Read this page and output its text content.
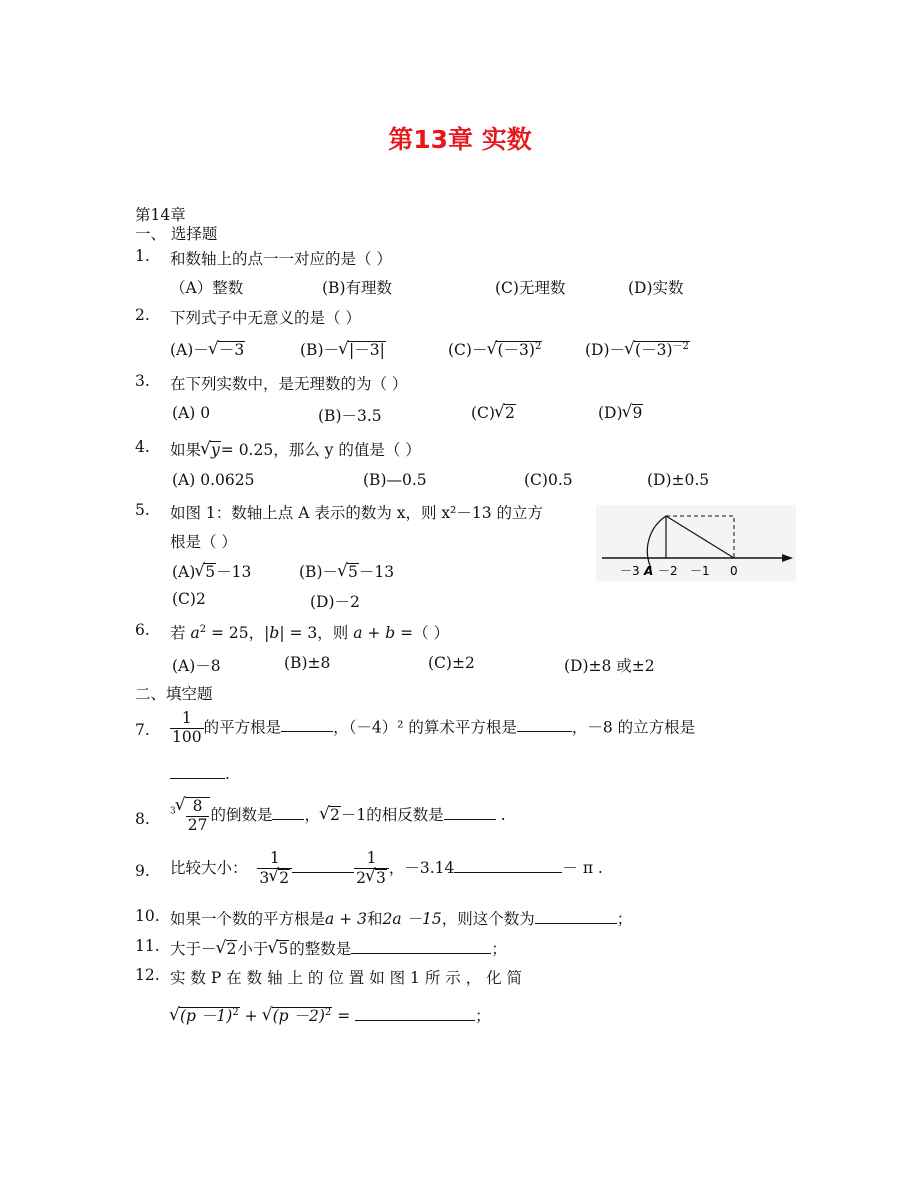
第13章 实数
第14章
一、 选择题
1. 和数轴上的点一一对应的是（ ）
（A）整数	(B)有理数	(C)无理数	(D)实数
2. 下列式子中无意义的是（ ）
(A)－ √ －3	(B)－ √ |－3|	(C)－ √ $(-3)^2$	(D)－ √ $(-3)^{-2}$
3. 在下列实数中，是无理数的为（ ）
(A) 0	(B)－3.5	(C) √ 2	(D) √ 9
4. 如果 √ y= 0.25，那么 y 的值是（ ）
(A) 0.0625	(B)—0.5	(C)0.5	(D)±0.5
5. 如图 1：数轴上点 A 表示的数为 x，则 x²－13 的立方
根是（ ）
(A) √ 5－13	(B)－ √ 5－13
(C)2	(D)－2
－3 A －2 －1 0
6. 若 $a^2 = 25$，|b| = 3，则 a + b =（ ）
(A)－8	(B)±8	(C)±2	(D)±8 或±2
二、填空题
7. $\frac{1}{100}$ 的平方根是	，（－4）² 的算术平方根是	，－8 的立方根是
.
8. $^3$ √ $\frac{8}{27}$ 的倒数是 ， √ 2－1的相反数是	.
9. 比较大小： $\frac{1}{3 √ 2}$	$\frac{1}{2 √ 3}$ ，－3.14	－ π .
10. 如果一个数的平方根是a + 3和2a －15，则这个数为	；
11. 大于－ √ 2小于 √ 5的整数是	；
12. 实 数 P 在 数 轴 上 的 位 置 如 图 1 所 示 ， 化 简
√ $(p -1)^2$ + √ $(p -2)^2$ =	；
